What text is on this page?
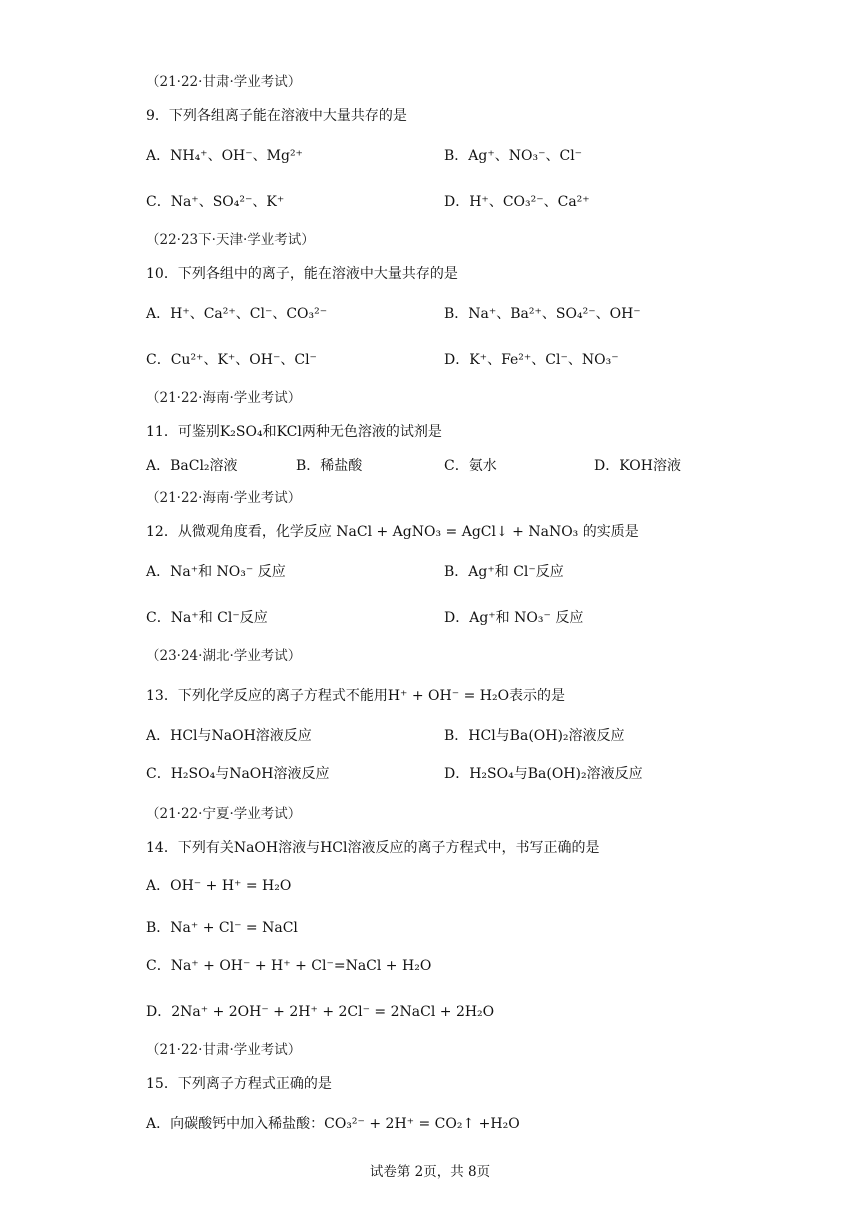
（21·22·甘肃·学业考试）
9．下列各组离子能在溶液中大量共存的是
A．NH₄⁺、OH⁻、Mg²⁺	B．Ag⁺、NO₃⁻、Cl⁻
C．Na⁺、SO₄²⁻、K⁺	D．H⁺、CO₃²⁻、Ca²⁺
（22·23下·天津·学业考试）
10．下列各组中的离子，能在溶液中大量共存的是
A．H⁺、Ca²⁺、Cl⁻、CO₃²⁻	B．Na⁺、Ba²⁺、SO₄²⁻、OH⁻
C．Cu²⁺、K⁺、OH⁻、Cl⁻	D．K⁺、Fe²⁺、Cl⁻、NO₃⁻
（21·22·海南·学业考试）
11．可鉴别K₂SO₄和KCl两种无色溶液的试剂是
A．BaCl₂溶液	B．稀盐酸	C．氨水	D．KOH溶液
（21·22·海南·学业考试）
12．从微观角度看，化学反应 NaCl + AgNO₃ = AgCl↓ + NaNO₃ 的实质是
A．Na⁺和 NO₃⁻ 反应	B．Ag⁺和 Cl⁻反应
C．Na⁺和 Cl⁻反应	D．Ag⁺和 NO₃⁻ 反应
（23·24·湖北·学业考试）
13．下列化学反应的离子方程式不能用H⁺ + OH⁻ = H₂O表示的是
A．HCl与NaOH溶液反应	B．HCl与Ba(OH)₂溶液反应
C．H₂SO₄与NaOH溶液反应	D．H₂SO₄与Ba(OH)₂溶液反应
（21·22·宁夏·学业考试）
14．下列有关NaOH溶液与HCl溶液反应的离子方程式中，书写正确的是
A．OH⁻ + H⁺ = H₂O
B．Na⁺ + Cl⁻ = NaCl
C．Na⁺ + OH⁻ + H⁺ + Cl⁻=NaCl + H₂O
D．2Na⁺ + 2OH⁻ + 2H⁺ + 2Cl⁻ = 2NaCl + 2H₂O
（21·22·甘肃·学业考试）
15．下列离子方程式正确的是
A．向碳酸钙中加入稀盐酸：CO₃²⁻ + 2H⁺ = CO₂↑ +H₂O
试卷第 2页，共 8页
